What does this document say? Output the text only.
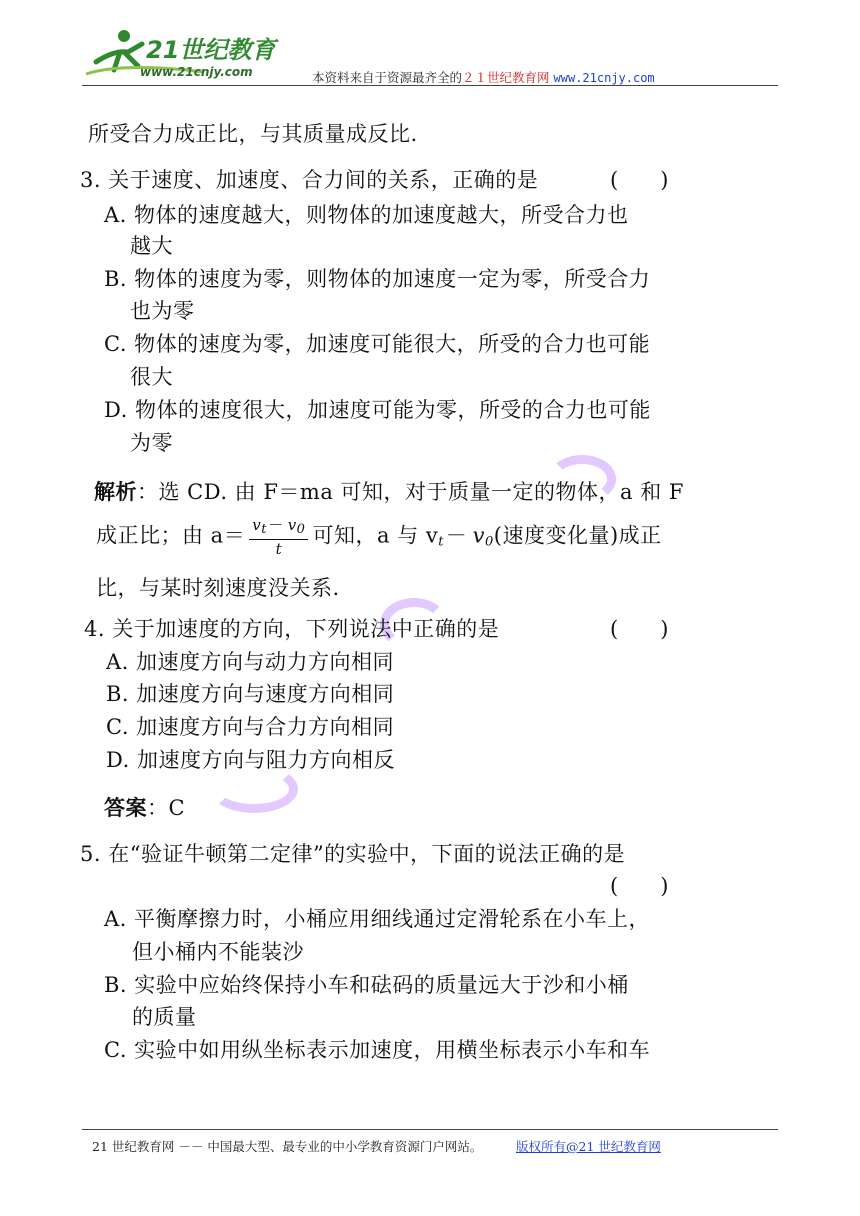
21世纪教育
www.21cnjy.com	本资料来自于资源最齐全的２１世纪教育网 www.21cnjy.com
所受合力成正比，与其质量成反比.
3. 关于速度、加速度、合力间的关系，正确的是	(　　)
A. 物体的速度越大，则物体的加速度越大，所受合力也
越大
B. 物体的速度为零，则物体的加速度一定为零，所受合力
也为零
C. 物体的速度为零，加速度可能很大，所受的合力也可能
很大
D. 物体的速度很大，加速度可能为零，所受的合力也可能
为零
解析：选 CD. 由 F＝ma 可知，对于质量一定的物体，a 和 F
成正比；由 $a= \frac{vt- v0}{t}$ 可知，a 与 $v_t- v_0$(速度变化量)成正
比，与某时刻速度没关系.
4. 关于加速度的方向，下列说法中正确的是	(　　)
A. 加速度方向与动力方向相同
B. 加速度方向与速度方向相同
C. 加速度方向与合力方向相同
D. 加速度方向与阻力方向相反
答案：C
5. 在“验证牛顿第二定律”的实验中，下面的说法正确的是
(　　)
A. 平衡摩擦力时，小桶应用细线通过定滑轮系在小车上，
但小桶内不能装沙
B. 实验中应始终保持小车和砝码的质量远大于沙和小桶
的质量
C. 实验中如用纵坐标表示加速度，用横坐标表示小车和车
21 世纪教育网 －－ 中国最大型、最专业的中小学教育资源门户网站。	版权所有@21 世纪教育网
